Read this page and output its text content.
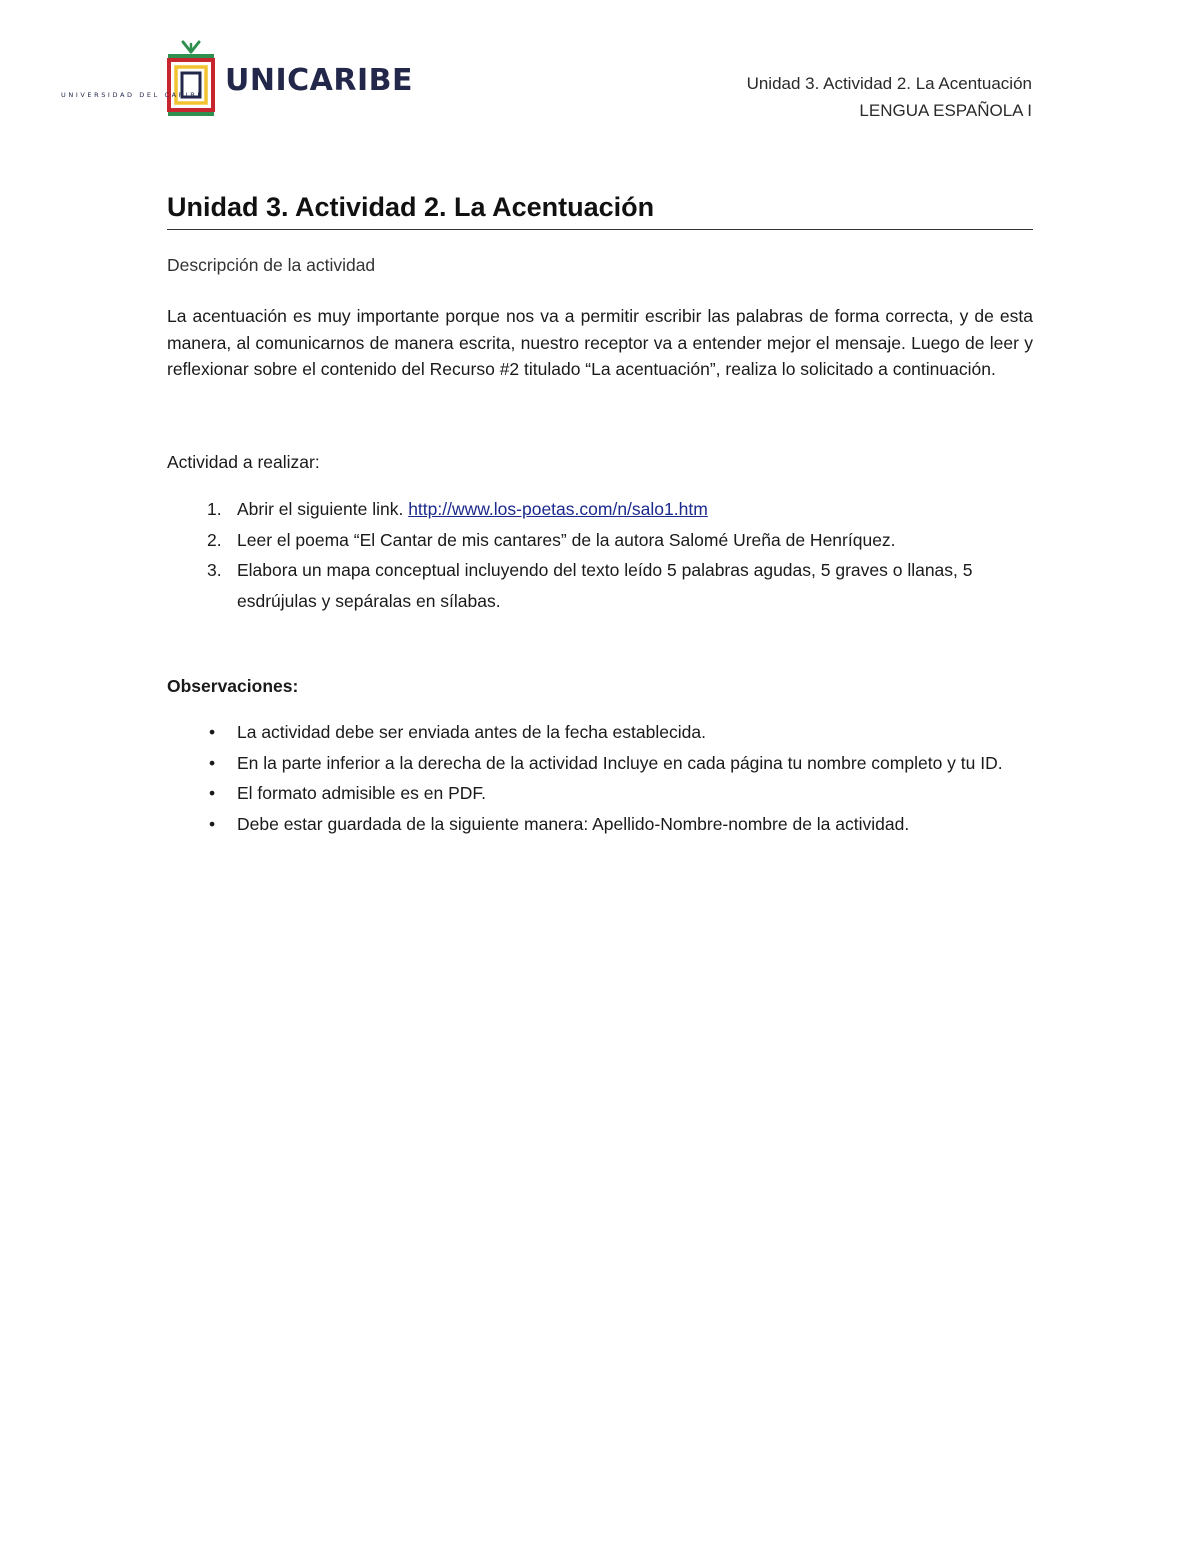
UNICARIBE
UNIVERSIDAD DEL CARIBE
Unidad 3. Actividad 2. La Acentuación
LENGUA ESPAÑOLA I
Unidad 3. Actividad 2. La Acentuación
Descripción de la actividad

La acentuación es muy importante porque nos va a permitir escribir las palabras de forma correcta, y de esta manera, al comunicarnos de manera escrita, nuestro receptor va a entender mejor el mensaje. Luego de leer y reflexionar sobre el contenido del Recurso #2 titulado “La acentuación”, realiza lo solicitado a continuación.

Actividad a realizar:
1. Abrir el siguiente link. http://www.los-poetas.com/n/salo1.htm
2. Leer el poema “El Cantar de mis cantares” de la autora Salomé Ureña de Henríquez.
3. Elabora un mapa conceptual incluyendo del texto leído 5 palabras agudas, 5 graves o llanas, 5 esdrújulas y sepáralas en sílabas.
Observaciones:
• La actividad debe ser enviada antes de la fecha establecida.
• En la parte inferior a la derecha de la actividad Incluye en cada página tu nombre completo y tu ID.
• El formato admisible es en PDF.
• Debe estar guardada de la siguiente manera: Apellido-Nombre-nombre de la actividad.
